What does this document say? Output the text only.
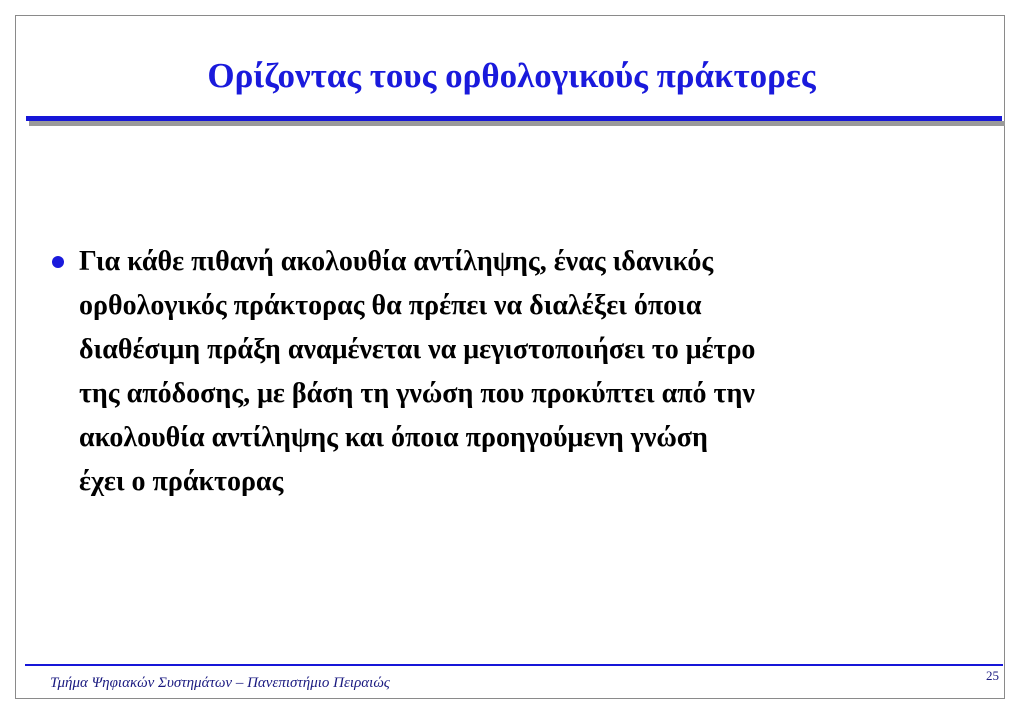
Ορίζοντας τους ορθολογικούς πράκτορες
Για κάθε πιθανή ακολουθία αντίληψης, ένας ιδανικός
ορθολογικός πράκτορας θα πρέπει να διαλέξει όποια
διαθέσιμη πράξη αναμένεται να μεγιστοποιήσει το μέτρο
της απόδοσης, με βάση τη γνώση που προκύπτει από την
ακολουθία αντίληψης και όποια προηγούμενη γνώση
έχει ο πράκτορας
Τμήμα Ψηφιακών Συστημάτων – Πανεπιστήμιο Πειραιώς	25
